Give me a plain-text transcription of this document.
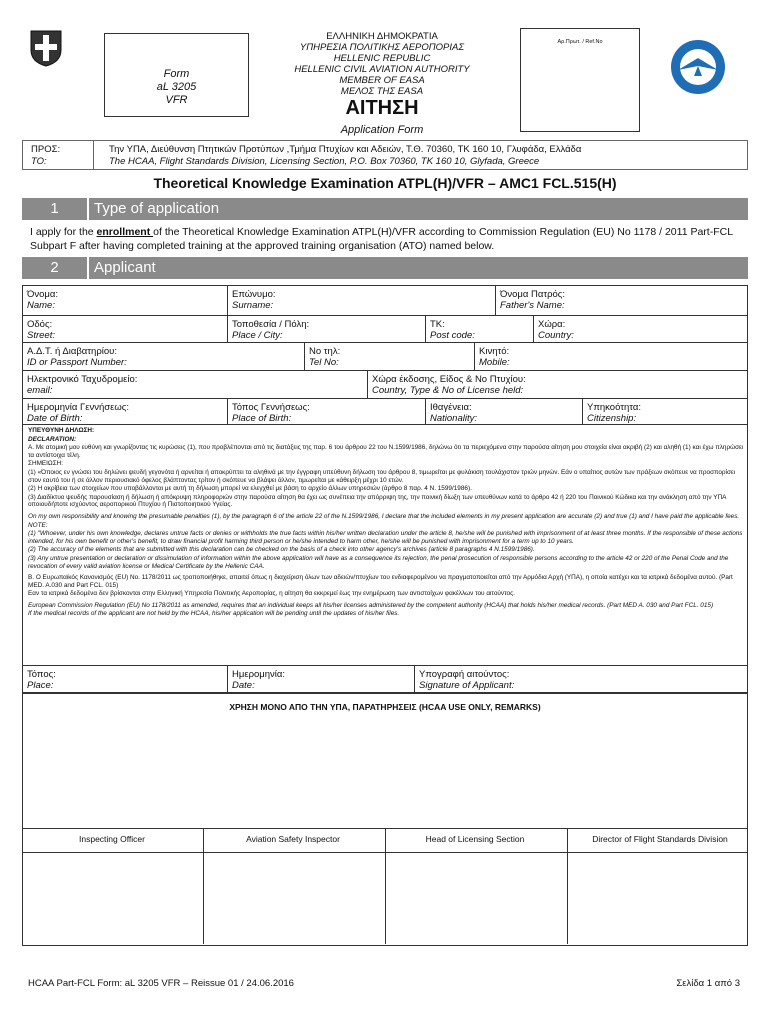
Form
aL 3205
VFR
ΕΛΛΗΝΙΚΗ ΔΗΜΟΚΡΑΤΙΑ
ΥΠΗΡΕΣΙΑ ΠΟΛΙΤΙΚΗΣ ΑΕΡΟΠΟΡΙΑΣ
HELLENIC REPUBLIC
HELLENIC CIVIL AVIATION AUTHORITY
MEMBER OF EASA
ΜΕΛΟΣ ΤΗΣ EASA
ΑΙΤΗΣΗ
Application Form
Αρ.Πρωτ. / Ref.No
ΠΡΟΣ:
TO:
Την ΥΠΑ, Διεύθυνση Πτητικών Προτύπων ,Τμήμα Πτυχίων και Αδειών, Τ.Θ. 70360, ΤΚ 160 10, Γλυφάδα, Ελλάδα
The HCAA, Flight Standards Division, Licensing Section, P.O. Box 70360, TK 160 10, Glyfada, Greece
Theoretical Knowledge Examination ATPL(H)/VFR – AMC1 FCL.515(H)
1	Type of application
I apply for the enrollment of the Theoretical Knowledge Examination ATPL(H)/VFR according to Commission Regulation (EU) No 1178 / 2011 Part-FCL Subpart F after having completed training at the approved training organisation (ATO) named below.
2	Applicant
Όνομα:
Name:
Επώνυμο:
Surname:
Όνομα Πατρός:
Father's Name:
Οδός:
Street:
Τοποθεσία / Πόλη:
Place / City:
ΤΚ:
Post code:
Χώρα:
Country:
Α.Δ.Τ. ή Διαβατηρίου:
ID or Passport Number:
Νο τηλ:
Tel No:
Κινητό:
Mobile:
Ηλεκτρονικό Ταχυδρομείο:
email:
Χώρα έκδοσης, Είδος & Νο Πτυχίου:
Country, Type & No of License held:
Ημερομηνία Γεννήσεως:
Date of Birth:
Τόπος Γεννήσεως:
Place of Birth:
Ιθαγένεια:
Nationality:
Υπηκοότητα:
Citizenship:

ΥΠΕΥΘΥΝΗ ΔΗΛΩΣΗ:

DECLARATION:

A. Με ατομική μου ευθύνη και γνωρίζοντας τις κυρώσεις (1), που προβλέπονται από τις διατάξεις της παρ. 6 του άρθρου 22 του Ν.1599/1986, δηλώνω ότι τα περιεχόμενα στην παρούσα αίτηση μου στοιχεία είναι ακριβή (2) και αληθή (1) και έχω πληρώσει τα αντίστοιχα τέλη.

ΣΗΜΕΙΩΣΗ:

(1) «Όποιος εν γνώσει του δηλώνει ψευδή γεγονότα ή αρνείται ή αποκρύπτει τα αληθινά με την έγγραφη υπεύθυνη δήλωση του άρθρου 8, τιμωρείται με φυλάκιση τουλάχιστον τριών μηνών. Εάν ο υπαίτιος αυτών των πράξεων σκόπευε να προσπορίσει στον εαυτό του ή σε άλλον περιουσιακό όφελος βλάπτοντας τρίτον ή σκόπευε να βλάψει άλλον, τιμωρείται με κάθειρξη μέχρι 10 ετών.

(2) Η ακρίβεια των στοιχείων που υποβάλλονται με αυτή τη δήλωση μπορεί να ελεγχθεί με βάση το αρχείο άλλων υπηρεσιών (άρθρο 8 παρ. 4 Ν. 1599/1986).

(3) Διαδίκτυο ψευδής παρουσίαση ή δήλωση ή απόκρυψη πληροφοριών στην παρούσα αίτηση θα έχει ως συνέπεια την απόρριψη της, την ποινική δίωξη των υπευθύνων κατά το άρθρο 42 ή 220 του Ποινικού Κώδικα και την ανάκληση από την ΥΠΑ οποιουδήποτε ισχύοντος αεροπορικού Πτυχίου ή Πιστοποιητικού Υγείας.

On my own responsibility and knowing the presumable penalties (1), by the paragraph 6 of the article 22 of the N.1599/1986, I declare that the included elements in my present application are accurate (2) and true (1) and I have paid the applicable fees.

NOTE:

(1) "Whoever, under his own knowledge, declares untrue facts or denies or withholds the true facts within his/her written declaration under the article 8, he/she will be punished with imprisonment of at least three months. If the responsible of these actions intended, for his own benefit or other's benefit, to draw financial profit harming third person or he/she intended to harm other, he/she will be punished with imprisonment for a term up to 10 years.

(2) The accuracy of the elements that are submitted with this declaration can be checked on the basis of a check into other agency's archives (article 8 paragraphs 4 N.1599/1986).

(3) Any untrue presentation or declaration or dissimulation of information within the above application will have as a consequence its rejection, the penal prosecution of responsible persons according to the article 42 or 220 of the Penal Code and the revocation of every valid aviation license or Medical Certificate by the Hellenic CAA.

B. Ο Ευρωπαϊκός Κανονισμός (EU) No. 1178/2011 ως τροποποιήθηκε, απαιτεί όπως η διαχείριση όλων των αδειών/πτυχίων του ενδιαφερομένου να πραγματοποιείται από την Αρμόδια Αρχή (ΥΠΑ), η οποία κατέχει και τα ιατρικά δεδομένα αυτού. (Part MED. A.030 and Part FCL. 015)

Εαν τα ιατρικά δεδομένα δεν βρίσκονται στην Ελληνική Υπηρεσία Πολιτικής Αεροπορίας, η αίτηση θα εκκρεμεί έως την ενημέρωση των αντιστοίχων φακέλλων του αιτούντος.

European Commission Regulation (EU) No 1178/2011 as amended, requires that an individual keeps all his/her licenses administered by the competent authority (HCAA) that holds his/her medical records. (Part MED A. 030 and Part FCL. 015)

If the medical records of the applicant are not held by the HCAA, his/her application will be pending until the updates of his/her files.

Τόπος:
Place:
Ημερομηνία:
Date:
Υπογραφή αιτούντος:
Signature of Applicant:
ΧΡΗΣΗ ΜΟΝΟ ΑΠΟ ΤΗΝ ΥΠΑ, ΠΑΡΑΤΗΡΗΣΕΙΣ (HCAA USE ONLY, REMARKS)
Inspecting Officer	Aviation Safety Inspector	Head of Licensing Section	Director of Flight Standards Division
HCAA Part-FCL Form: aL 3205 VFR – Reissue 01 / 24.06.2016	Σελίδα 1 από 3
